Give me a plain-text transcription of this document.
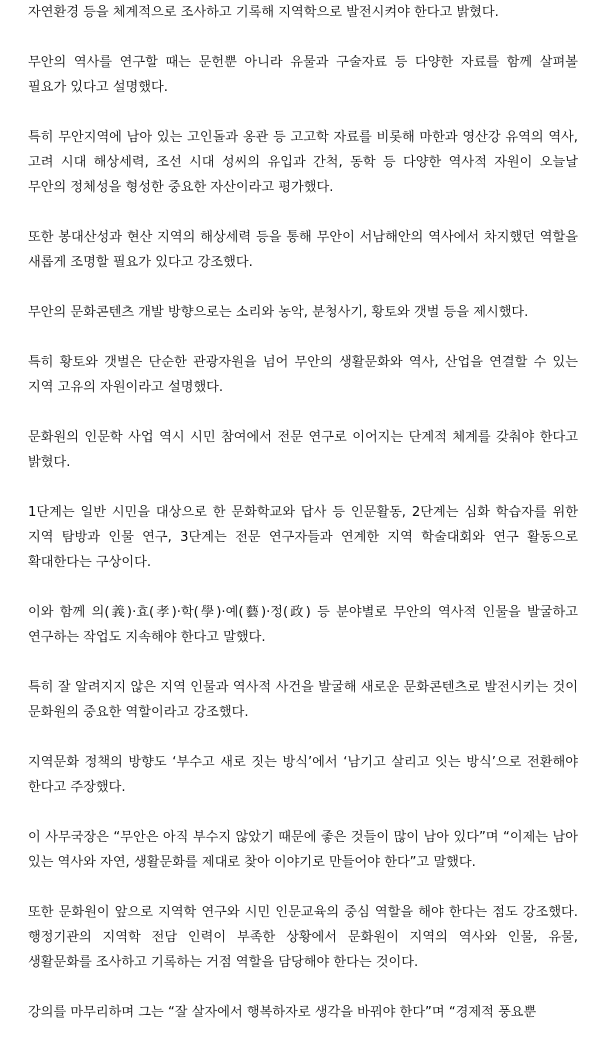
자연환경 등을 체계적으로 조사하고 기록해 지역학으로 발전시켜야 한다고 밝혔다.

무안의 역사를 연구할 때는 문헌뿐 아니라 유물과 구술자료 등 다양한 자료를 함께 살펴볼 필요가 있다고 설명했다.

특히 무안지역에 남아 있는 고인돌과 옹관 등 고고학 자료를 비롯해 마한과 영산강 유역의 역사, 고려 시대 해상세력, 조선 시대 성씨의 유입과 간척, 동학 등 다양한 역사적 자원이 오늘날 무안의 정체성을 형성한 중요한 자산이라고 평가했다.

또한 봉대산성과 현산 지역의 해상세력 등을 통해 무안이 서남해안의 역사에서 차지했던 역할을 새롭게 조명할 필요가 있다고 강조했다.

무안의 문화콘텐츠 개발 방향으로는 소리와 농악, 분청사기, 황토와 갯벌 등을 제시했다.

특히 황토와 갯벌은 단순한 관광자원을 넘어 무안의 생활문화와 역사, 산업을 연결할 수 있는 지역 고유의 자원이라고 설명했다.

문화원의 인문학 사업 역시 시민 참여에서 전문 연구로 이어지는 단계적 체계를 갖춰야 한다고 밝혔다.

1단계는 일반 시민을 대상으로 한 문화학교와 답사 등 인문활동, 2단계는 심화 학습자를 위한 지역 탐방과 인물 연구, 3단계는 전문 연구자들과 연계한 지역 학술대회와 연구 활동으로 확대한다는 구상이다.

이와 함께 의(義)·효(孝)·학(學)·예(藝)·정(政) 등 분야별로 무안의 역사적 인물을 발굴하고 연구하는 작업도 지속해야 한다고 말했다.

특히 잘 알려지지 않은 지역 인물과 역사적 사건을 발굴해 새로운 문화콘텐츠로 발전시키는 것이 문화원의 중요한 역할이라고 강조했다.

지역문화 정책의 방향도 ‘부수고 새로 짓는 방식’에서 ‘남기고 살리고 잇는 방식’으로 전환해야 한다고 주장했다.

이 사무국장은 “무안은 아직 부수지 않았기 때문에 좋은 것들이 많이 남아 있다”며 “이제는 남아 있는 역사와 자연, 생활문화를 제대로 찾아 이야기로 만들어야 한다”고 말했다.

또한 문화원이 앞으로 지역학 연구와 시민 인문교육의 중심 역할을 해야 한다는 점도 강조했다. 행정기관의 지역학 전담 인력이 부족한 상황에서 문화원이 지역의 역사와 인물, 유물, 생활문화를 조사하고 기록하는 거점 역할을 담당해야 한다는 것이다.

강의를 마무리하며 그는 “잘 살자에서 행복하자로 생각을 바꿔야 한다”며 “경제적 풍요뿐
